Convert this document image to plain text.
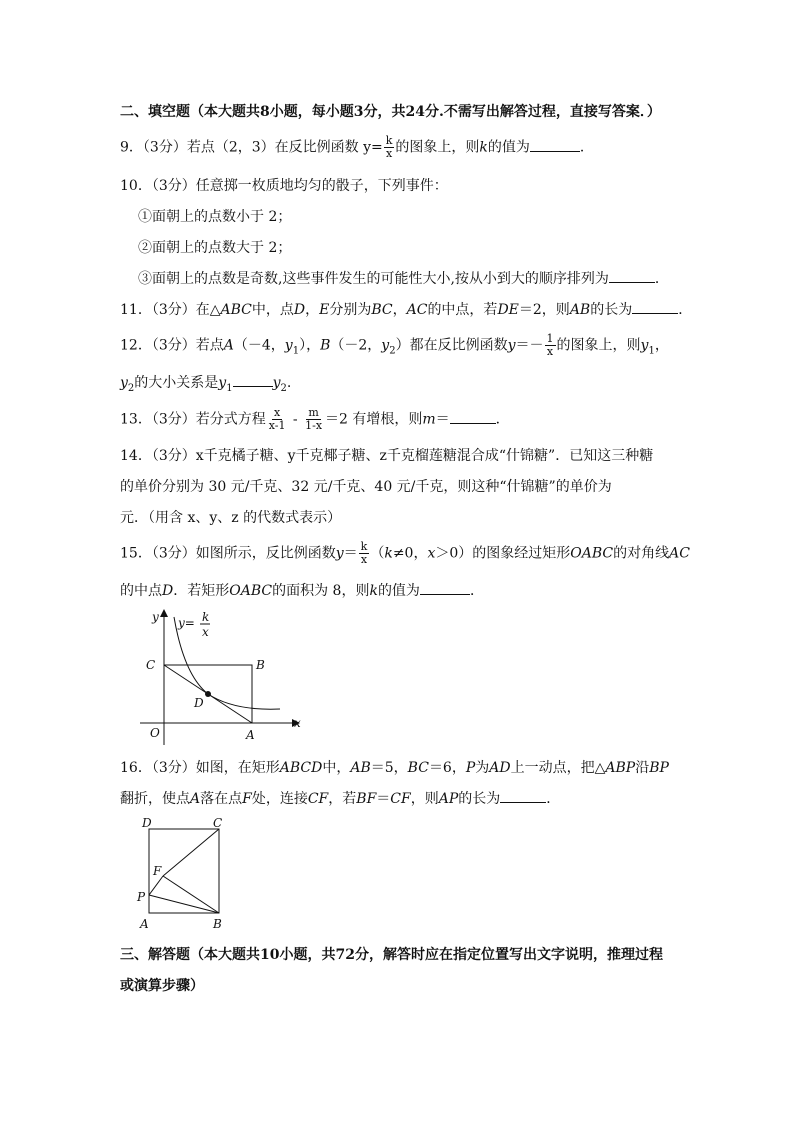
二、填空题（本大题共8小题，每小题3分，共24分.不需写出解答过程，直接写答案．）
9．（3分）若点（2，3）在反比例函数 $y= \frac{k}{x}$ 的图象上，则k的值为	．
10．（3分）任意掷一枚质地均匀的骰子，下列事件：
①面朝上的点数小于 2；
②面朝上的点数大于 2；
③面朝上的点数是奇数,这些事件发生的可能性大小,按从小到大的顺序排列为	．
11．（3分）在△ABC中，点D，E分别为BC，AC的中点，若DE＝2，则AB的长为	．
12．（3分）若点A（－4，$y_1$），B（－2，$y_2$）都在反比例函数$y=- \frac{1}{x}$ 的图象上，则$y_1$，
$y_2$的大小关系是$y_1$	$y_2$.
13．（3分）若分式方程 $\frac{x}{x-1} - \frac{m}{1-x} =2$ 有增根，则m＝	．
14．（3分）x千克橘子糖、y千克椰子糖、z千克榴莲糖混合成“什锦糖”．已知这三种糖
的单价分别为 30 元/千克、32 元/千克、40 元/千克，则这种“什锦糖”的单价为
元．（用含 x、y、z 的代数式表示）
15．（3分）如图所示，反比例函数$y= \frac{k}{x} (k\ne 0$，x＞0）的图象经过矩形OABC的对角线AC
的中点D．若矩形OABC的面积为 8，则k的值为	．
y
x
O	A
B
C
D
y= k
x
16．（3分）如图，在矩形ABCD中，AB＝5，BC＝6，P为AD上一动点，把△ABP沿BP
翻折，使点A落在点F处，连接CF，若BF＝CF，则AP的长为	．
D	C
F
P
A	B
三、解答题（本大题共10小题，共72分，解答时应在指定位置写出文字说明，推理过程
或演算步骤）
